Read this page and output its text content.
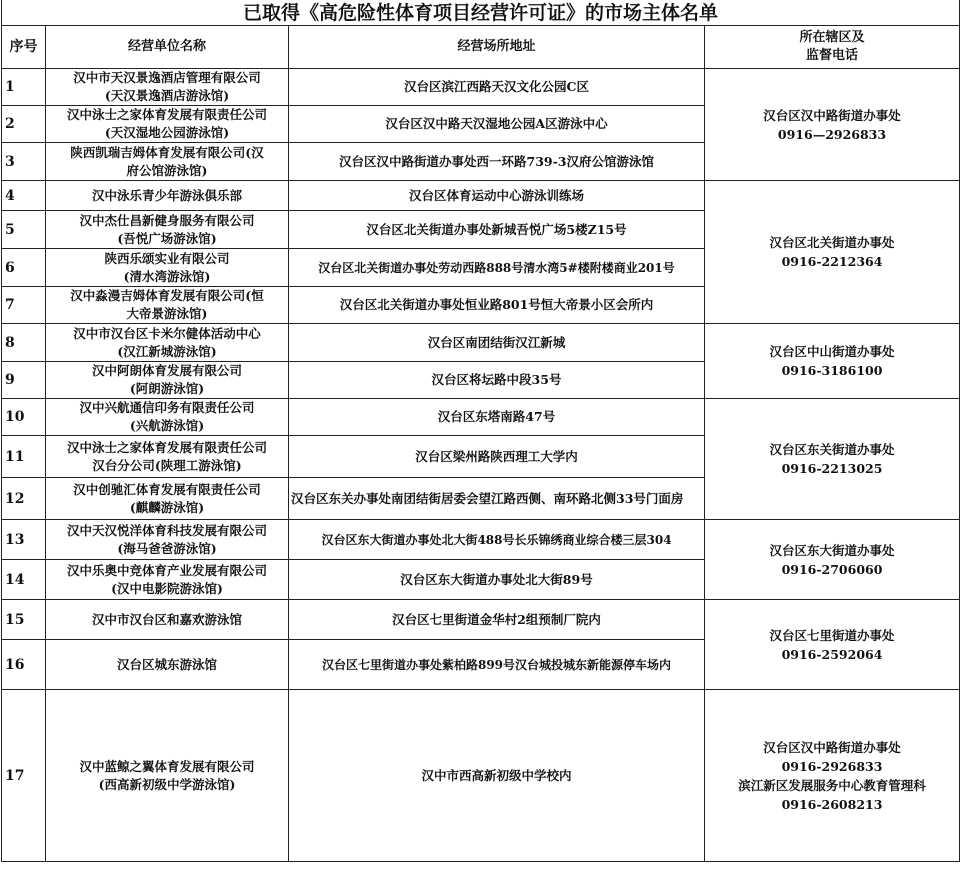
已取得《高危险性体育项目经营许可证》的市场主体名单			
序号	经营单位名称	经营场所地址	所在辖区及
监督电话

1	汉中市天汉景逸酒店管理有限公司
(天汉景逸酒店游泳馆)	汉台区滨江西路天汉文化公园C区	汉台区汉中路街道办事处
0916—2926833

2	汉中泳士之家体育发展有限责任公司
(天汉湿地公园游泳馆)	汉台区汉中路天汉湿地公园A区游泳中心	
3	陕西凯瑞吉姆体育发展有限公司(汉
府公馆游泳馆)	汉台区汉中路街道办事处西一环路739-3汉府公馆游泳馆	
4	汉中泳乐青少年游泳俱乐部	汉台区体育运动中心游泳训练场	汉台区北关街道办事处
0916-2212364

5	汉中杰仕昌新健身服务有限公司
(吾悦广场游泳馆)	汉台区北关街道办事处新城吾悦广场5楼Z15号	
6	陕西乐颂实业有限公司
(清水湾游泳馆)	汉台区北关街道办事处劳动西路888号清水湾5#楼附楼商业201号	
7	汉中淼漫吉姆体育发展有限公司(恒
大帝景游泳馆)	汉台区北关街道办事处恒业路801号恒大帝景小区会所内	
8	汉中市汉台区卡米尔健体活动中心
(汉江新城游泳馆)	汉台区南团结街汉江新城	汉台区中山街道办事处
0916-3186100

9	汉中阿朗体育发展有限公司
(阿朗游泳馆)	汉台区将坛路中段35号	
10	汉中兴航通信印务有限责任公司
(兴航游泳馆)	汉台区东塔南路47号	汉台区东关街道办事处
0916-2213025

11	汉中泳士之家体育发展有限责任公司
汉台分公司(陕理工游泳馆)	汉台区梁州路陕西理工大学内	
12	汉中创驰汇体育发展有限责任公司
(麒麟游泳馆)	汉台区东关办事处南团结街居委会望江路西侧、南环路北侧33号门面房	
13	汉中天汉悦洋体育科技发展有限公司
(海马爸爸游泳馆)	汉台区东大街道办事处北大街488号长乐锦绣商业综合楼三层304	汉台区东大街道办事处
0916-2706060

14	汉中乐奥中竞体育产业发展有限公司
(汉中电影院游泳馆)	汉台区东大街道办事处北大街89号	
15	汉中市汉台区和嘉欢游泳馆	汉台区七里街道金华村2组预制厂院内	汉台区七里街道办事处
0916-2592064

16	汉台区城东游泳馆	汉台区七里街道办事处紫柏路899号汉台城投城东新能源停车场内	
17	汉中蓝鲸之翼体育发展有限公司
(西高新初级中学游泳馆)	汉中市西高新初级中学校内	汉台区汉中路街道办事处
0916-2926833
滨江新区发展服务中心教育管理科
0916-2608213
